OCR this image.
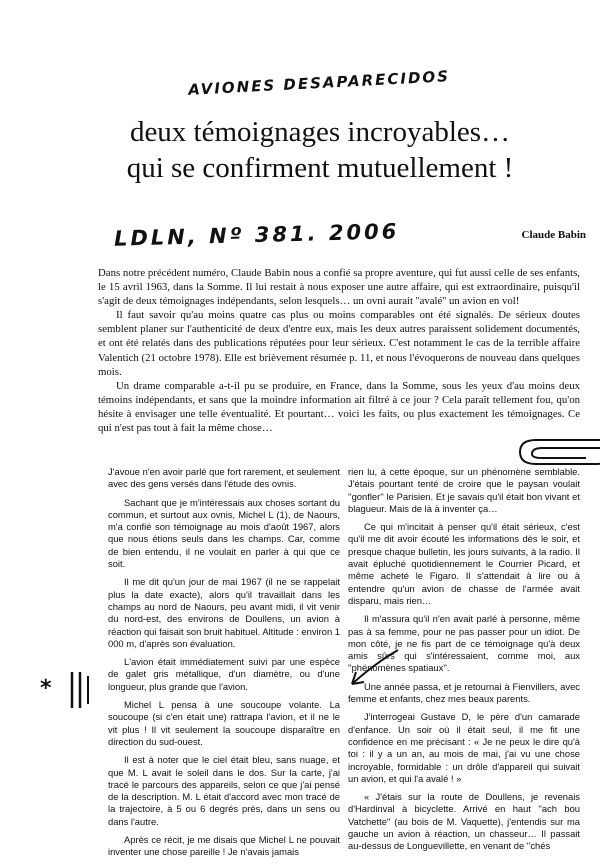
AVIONES DESAPARECIDOS
deux témoignages incroyables…
qui se confirment mutuellement !
LDLN, Nº 381. 2006	Claude Babin

Dans notre précédent numéro, Claude Babin nous a confié sa propre aventure, qui fut aussi celle de ses enfants, le 15 avril 1963, dans la Somme. Il lui restait à nous exposer une autre affaire, qui est extraordinaire, puisqu'il s'agit de deux témoignages indépendants, selon lesquels… un ovni aurait ''avalé'' un avion en vol!

Il faut savoir qu'au moins quatre cas plus ou moins comparables ont été signalés. De sérieux doutes semblent planer sur l'authenticité de deux d'entre eux, mais les deux autres paraissent solidement documentés, et ont été relatés dans des publications réputées pour leur sérieux. C'est notamment le cas de la terrible affaire Valentich (21 octobre 1978). Elle est brièvement résumée p. 11, et nous l'évoquerons de nouveau dans quelques mois.

Un drame comparable a-t-il pu se produire, en France, dans la Somme, sous les yeux d'au moins deux témoins indépendants, et sans que la moindre information ait filtré à ce jour ? Cela paraît tellement fou, qu'on hésite à envisager une telle éventualité. Et pourtant… voici les faits, ou plus exactement les témoignages. Ce qui n'est pas tout à fait la même chose…

J'avoue n'en avoir parlé que fort rarement, et seulement avec des gens versés dans l'étude des ovnis.

Sachant que je m'intéressais aux choses sortant du commun, et surtout aux ovnis, Michel L (1), de Naours, m'a confié son témoignage au mois d'août 1967, alors que nous étions seuls dans les champs. Car, comme de bien entendu, il ne voulait en parler à qui que ce soit.

Il me dit qu'un jour de mai 1967 (il ne se rappelait plus la date exacte), alors qu'il travaillait dans les champs au nord de Naours, peu avant midi, il vit venir du nord-est, des environs de Doullens, un avion à réaction qui faisait son bruit habituel. Altitude : environ 1 000 m, d'après son évaluation.

L'avion était immédiatement suivi par une espèce de galet gris métallique, d'un diamètre, ou d'une longueur, plus grande que l'avion.

Michel L pensa à une soucoupe volante. La soucoupe (si c'en était une) rattrapa l'avion, et il ne le vit plus ! Il vit seulement la soucoupe disparaître en direction du sud-ouest.

Il est à noter que le ciel était bleu, sans nuage, et que M. L avait le soleil dans le dos. Sur la carte, j'ai tracé le parcours des appareils, selon ce que j'ai pensé de la description. M. L était d'accord avec mon tracé de la trajectoire, à 5 ou 6 degrés près, dans un sens ou dans l'autre.

Après ce récit, je me disais que Michel L ne pouvait inventer une chose pareille ! Je n'avais jamais

rien lu, à cette époque, sur un phénomène semblable. J'étais pourtant tenté de croire que le paysan voulait ''gonfler'' le Parisien. Et je savais qu'il était bon vivant et blagueur. Mais de là à inventer ça…

Ce qui m'incitait à penser qu'il était sérieux, c'est qu'il me dit avoir écouté les informations dès le soir, et presque chaque bulletin, les jours suivants, à la radio. Il avait épluché quotidiennement le Courrier Picard, et même acheté le Figaro. Il s'attendait à lire ou à entendre qu'un avion de chasse de l'armée avait disparu, mais rien…

Il m'assura qu'il n'en avait parlé à personne, même pas à sa femme, pour ne pas passer pour un idiot. De mon côté, je ne fis part de ce témoignage qu'à deux amis sûrs qui s'intéressaient, comme moi, aux ''phénomènes spatiaux''.

Une année passa, et je retournai à Fienvillers, avec femme et enfants, chez mes beaux parents.

J'interrogeai Gustave D, le père d'un camarade d'enfance. Un soir où il était seul, il me fit une confidence en me précisant : « Je ne peux le dire qu'à toi : il y a un an, au mois de mai, j'ai vu une chose incroyable, formidable : un drôle d'appareil qui suivait un avion, et qui l'a avalé ! »

« J'étais sur la route de Doullens, je revenais d'Hardinval à bicyclette. Arrivé en haut ''ach bou Vatchette'' (au bois de M. Vaquette), j'entendis sur ma gauche un avion à réaction, un chasseur… Il passait au-dessus de Longuevillette, en venant de ''chés

*
